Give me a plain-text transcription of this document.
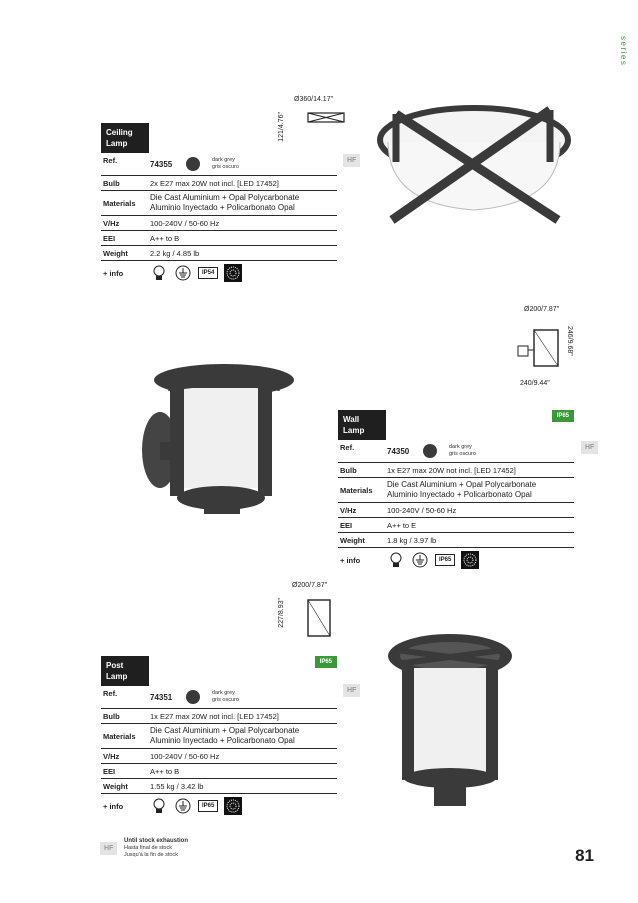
series
Ø360/14.17"
121/4.76"
Ceiling Lamp
Ref.	74355	dark grey
gris oscuro
Bulb	2x E27 max 20W not incl. [LED 17452]
Materials
Die Cast Aluminium + Opal Polycarbonate
Aluminio Inyectado + Policarbonato Opal
V/Hz	100-240V / 50-60 Hz
EEI	A++ to B
Weight	2.2 kg / 4.85 lb
+ info	IP54
HF
Ø200/7.87"
246/9.68"
240/9.44"
Wall Lamp
IP65
Ref.	74350	dark grey
gris oscuro
Bulb	1x E27 max 20W not incl. [LED 17452]
Materials
Die Cast Aluminium + Opal Polycarbonate
Aluminio Inyectado + Policarbonato Opal
V/Hz	100-240V / 50-60 Hz
EEI	A++ to E
Weight	1.8 kg / 3.97 lb
+ info	IP65
HF
Ø200/7.87"
227/8.93"
Post Lamp
IP65
Ref.	74351	dark grey
gris oscuro
Bulb	1x E27 max 20W not incl. [LED 17452]
Materials
Die Cast Aluminium + Opal Polycarbonate
Aluminio Inyectado + Policarbonato Opal
V/Hz	100-240V / 50-60 Hz
EEI	A++ to B
Weight	1.55 kg / 3.42 lb
+ info	IP65
HF
HF
Until stock exhaustion
Hasta final de stock
Jusqu'à la fin de stock	81
